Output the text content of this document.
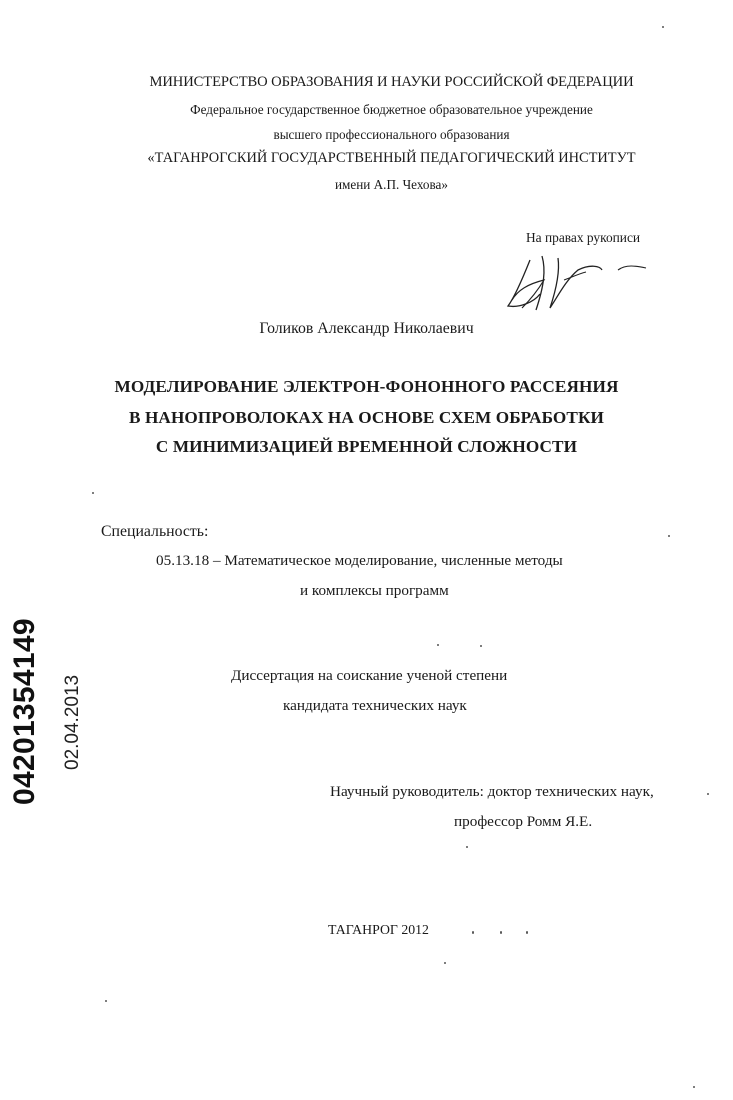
МИНИСТЕРСТВО ОБРАЗОВАНИЯ И НАУКИ РОССИЙСКОЙ ФЕДЕРАЦИИ
Федеральное государственное бюджетное образовательное учреждение
высшего профессионального образования
«ТАГАНРОГСКИЙ ГОСУДАРСТВЕННЫЙ ПЕДАГОГИЧЕСКИЙ ИНСТИТУТ
имени А.П. Чехова»
На правах рукописи
Голиков Александр Николаевич
МОДЕЛИРОВАНИЕ ЭЛЕКТРОН-ФОНОННОГО РАССЕЯНИЯ
В НАНОПРОВОЛОКАХ НА ОСНОВЕ СХЕМ ОБРАБОТКИ
С МИНИМИЗАЦИЕЙ ВРЕМЕННОЙ СЛОЖНОСТИ
Специальность:
05.13.18 – Математическое моделирование, численные методы
и комплексы программ
Диссертация на соискание ученой степени
кандидата технических наук
Научный руководитель: доктор технических наук,
профессор Ромм Я.Е.
ТАГАНРОГ 2012
04201354149 02.04.2013
